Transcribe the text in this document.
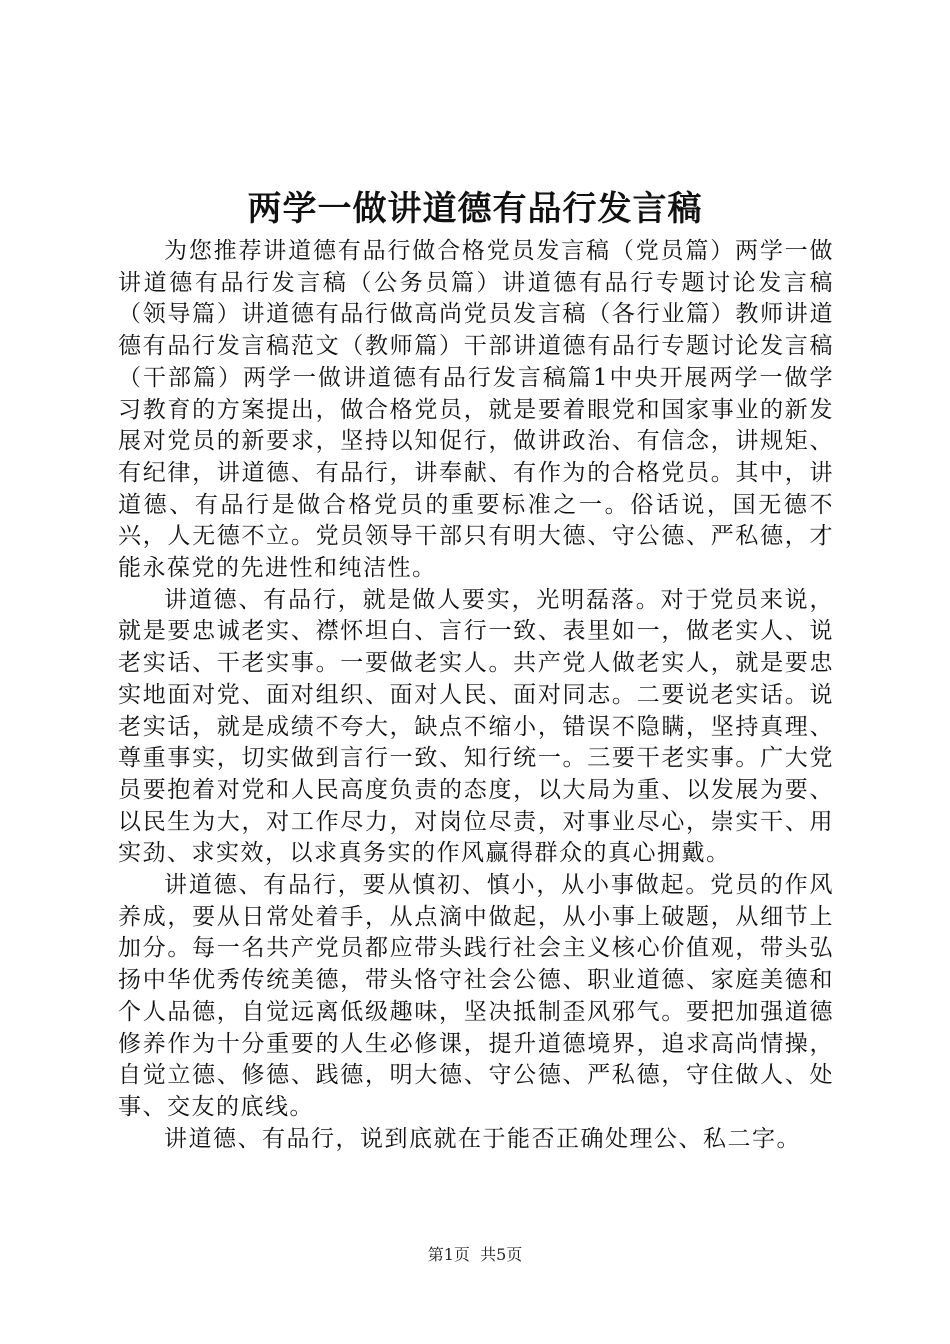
两学一做讲道德有品行发言稿

为您推荐讲道德有品行做合格党员发言稿（党员篇）两学一做讲道德有品行发言稿（公务员篇）讲道德有品行专题讨论发言稿（领导篇）讲道德有品行做高尚党员发言稿（各行业篇）教师讲道德有品行发言稿范文（教师篇）干部讲道德有品行专题讨论发言稿（干部篇）两学一做讲道德有品行发言稿篇1中央开展两学一做学习教育的方案提出，做合格党员，就是要着眼党和国家事业的新发展对党员的新要求，坚持以知促行，做讲政治、有信念，讲规矩、有纪律，讲道德、有品行，讲奉献、有作为的合格党员。其中，讲道德、有品行是做合格党员的重要标准之一。俗话说，国无德不兴，人无德不立。党员领导干部只有明大德、守公德、严私德，才能永葆党的先进性和纯洁性。

讲道德、有品行，就是做人要实，光明磊落。对于党员来说，就是要忠诚老实、襟怀坦白、言行一致、表里如一，做老实人、说老实话、干老实事。一要做老实人。共产党人做老实人，就是要忠实地面对党、面对组织、面对人民、面对同志。二要说老实话。说老实话，就是成绩不夸大，缺点不缩小，错误不隐瞒，坚持真理、尊重事实，切实做到言行一致、知行统一。三要干老实事。广大党员要抱着对党和人民高度负责的态度，以大局为重、以发展为要、以民生为大，对工作尽力，对岗位尽责，对事业尽心，崇实干、用实劲、求实效，以求真务实的作风赢得群众的真心拥戴。

讲道德、有品行，要从慎初、慎小，从小事做起。党员的作风养成，要从日常处着手，从点滴中做起，从小事上破题，从细节上加分。每一名共产党员都应带头践行社会主义核心价值观，带头弘扬中华优秀传统美德，带头恪守社会公德、职业道德、家庭美德和个人品德，自觉远离低级趣味，坚决抵制歪风邪气。要把加强道德修养作为十分重要的人生必修课，提升道德境界，追求高尚情操，自觉立德、修德、践德，明大德、守公德、严私德，守住做人、处事、交友的底线。

讲道德、有品行，说到底就在于能否正确处理公、私二字。

第1页  共5页
